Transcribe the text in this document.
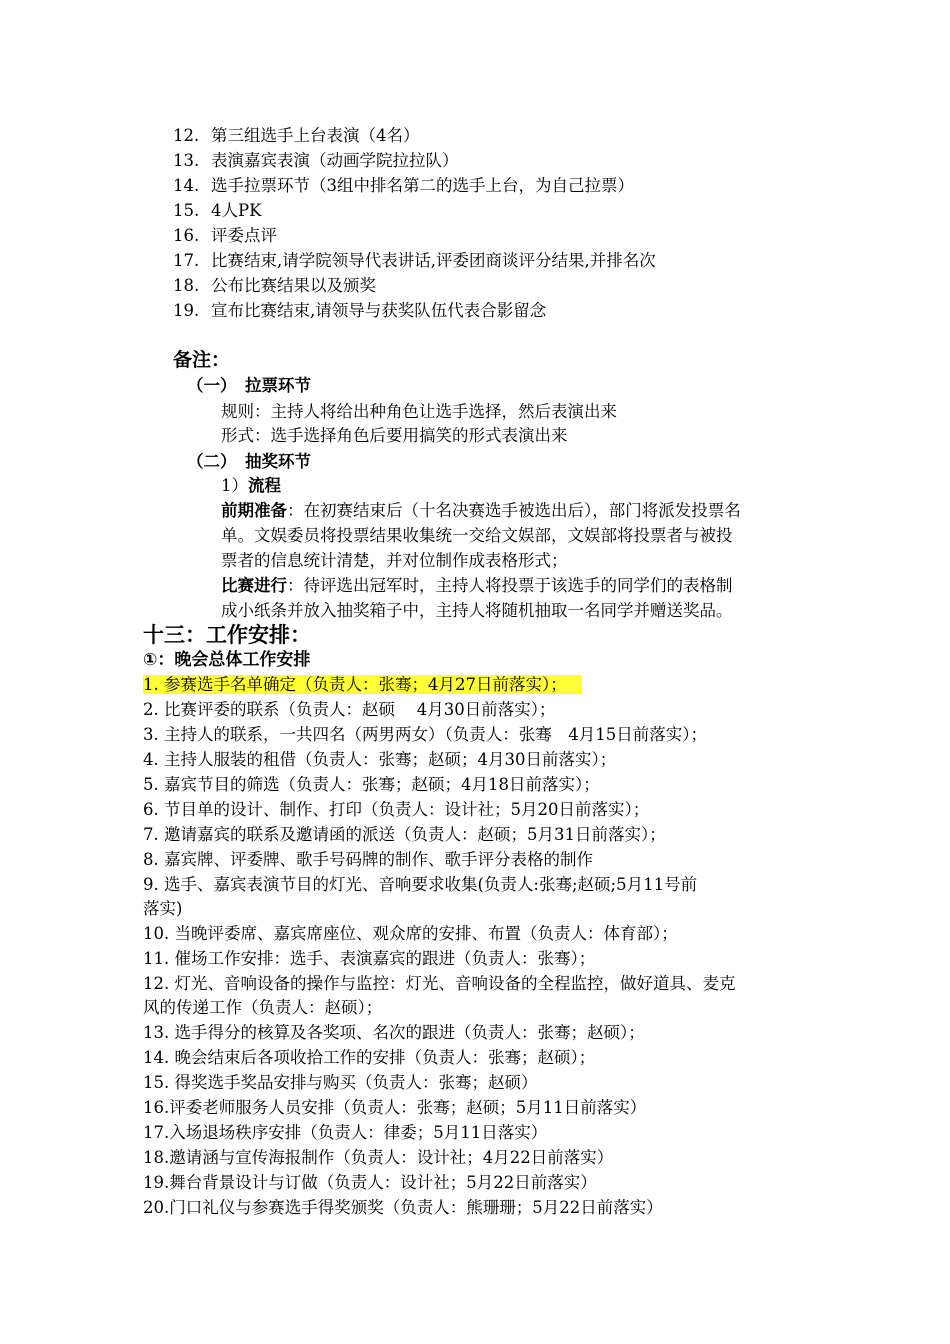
12. 第三组选手上台表演（4名）
13. 表演嘉宾表演（动画学院拉拉队）
14. 选手拉票环节（3组中排名第二的选手上台，为自己拉票）
15. 4人PK
16. 评委点评
17. 比赛结束,请学院领导代表讲话,评委团商谈评分结果,并排名次
18. 公布比赛结果以及颁奖
19. 宣布比赛结束,请领导与获奖队伍代表合影留念
备注：
（一） 拉票环节
规则：主持人将给出种角色让选手选择，然后表演出来
形式：选手选择角色后要用搞笑的形式表演出来
（二） 抽奖环节
1）流程
前期准备：在初赛结束后（十名决赛选手被选出后），部门将派发投票名
单。文娱委员将投票结果收集统一交给文娱部，文娱部将投票者与被投
票者的信息统计清楚，并对位制作成表格形式；
比赛进行：待评选出冠军时，主持人将投票于该选手的同学们的表格制
成小纸条并放入抽奖箱子中，主持人将随机抽取一名同学并赠送奖品。
十三：工作安排：
①：晚会总体工作安排
1. 参赛选手名单确定（负责人：张骞；4月27日前落实）；
2. 比赛评委的联系（负责人：赵硕　 4月30日前落实）；
3. 主持人的联系，一共四名（两男两女）（负责人：张骞　4月15日前落实）；
4. 主持人服装的租借（负责人：张骞；赵硕；4月30日前落实）；
5. 嘉宾节目的筛选（负责人：张骞；赵硕；4月18日前落实）；
6. 节目单的设计、制作、打印（负责人：设计社；5月20日前落实）；
7. 邀请嘉宾的联系及邀请函的派送（负责人：赵硕；5月31日前落实）；
8. 嘉宾牌、评委牌、歌手号码牌的制作、歌手评分表格的制作
9. 选手、嘉宾表演节目的灯光、音响要求收集(负责人:张骞;赵硕;5月11号前
落实)
10. 当晚评委席、嘉宾席座位、观众席的安排、布置（负责人：体育部）；
11. 催场工作安排：选手、表演嘉宾的跟进（负责人：张骞）；
12. 灯光、音响设备的操作与监控：灯光、音响设备的全程监控，做好道具、麦克
风的传递工作（负责人：赵硕）；
13. 选手得分的核算及各奖项、名次的跟进（负责人：张骞；赵硕）；
14. 晚会结束后各项收拾工作的安排（负责人：张骞；赵硕）；
15. 得奖选手奖品安排与购买（负责人：张骞；赵硕）
16.评委老师服务人员安排（负责人：张骞；赵硕；5月11日前落实）
17.入场退场秩序安排（负责人：律委；5月11日落实）
18.邀请涵与宣传海报制作（负责人：设计社；4月22日前落实）
19.舞台背景设计与订做（负责人：设计社；5月22日前落实）
20.门口礼仪与参赛选手得奖颁奖（负责人：熊珊珊；5月22日前落实）
